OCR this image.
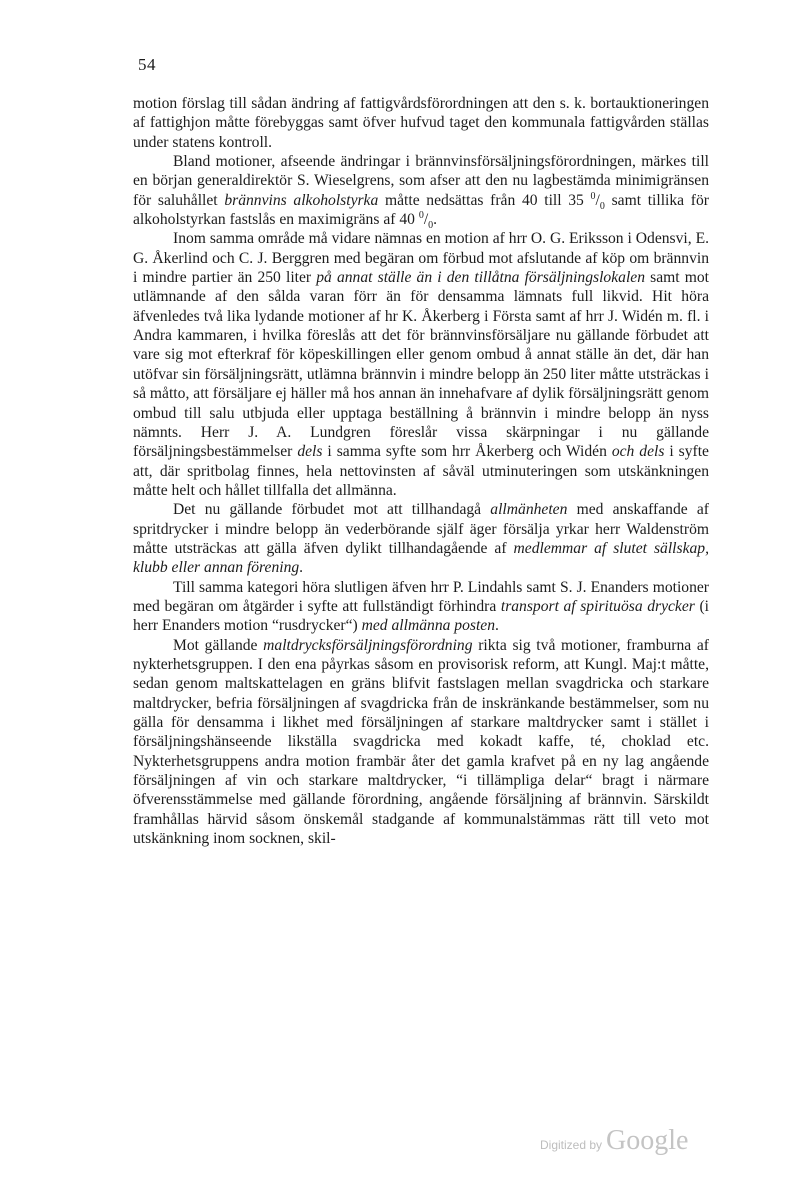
54

motion förslag till sådan ändring af fattigvårdsförordningen att den s. k. bortauktioneringen af fattighjon måtte förebyggas samt öfver hufvud taget den kommunala fattigvården ställas under statens kontroll.

Bland motioner, afseende ändringar i brännvinsförsäljningsförordningen, märkes till en början generaldirektör S. Wieselgrens, som afser att den nu lagbestämda minimigränsen för saluhållet brännvins alkoholstyrka måtte nedsättas från 40 till 35 $^0/_0$ samt tillika för alkoholstyrkan fastslås en maximigräns af 40 $^0/_0$.

Inom samma område må vidare nämnas en motion af hrr O. G. Eriksson i Odensvi, E. G. Åkerlind och C. J. Berggren med begäran om förbud mot afslutande af köp om brännvin i mindre partier än 250 liter på annat ställe än i den tillåtna försäljningslokalen samt mot utlämnande af den sålda varan förr än för densamma lämnats full likvid. Hit höra äfvenledes två lika lydande motioner af hr K. Åkerberg i Första samt af hrr J. Widén m. fl. i Andra kammaren, i hvilka föreslås att det för brännvinsförsäljare nu gällande förbudet att vare sig mot efterkraf för köpeskillingen eller genom ombud å annat ställe än det, där han utöfvar sin försäljningsrätt, utlämna brännvin i mindre belopp än 250 liter måtte utsträckas i så måtto, att försäljare ej häller må hos annan än innehafvare af dylik försäljningsrätt genom ombud till salu utbjuda eller upptaga beställning å brännvin i mindre belopp än nyss nämnts. Herr J. A. Lundgren föreslår vissa skärpningar i nu gällande försäljningsbestämmelser dels i samma syfte som hrr Åkerberg och Widén och dels i syfte att, där spritbolag finnes, hela nettovinsten af såväl utminuteringen som utskänkningen måtte helt och hållet tillfalla det allmänna.

Det nu gällande förbudet mot att tillhandagå allmänheten med anskaffande af spritdrycker i mindre belopp än vederbörande själf äger försälja yrkar herr Waldenström måtte utsträckas att gälla äfven dylikt tillhandagående af medlemmar af slutet sällskap, klubb eller annan förening.

Till samma kategori höra slutligen äfven hrr P. Lindahls samt S. J. Enanders motioner med begäran om åtgärder i syfte att fullständigt förhindra transport af spirituösa drycker (i herr Enanders motion “rusdrycker“) med allmänna posten.

Mot gällande maltdrycksförsäljningsförordning rikta sig två motioner, framburna af nykterhetsgruppen. I den ena påyrkas såsom en provisorisk reform, att Kungl. Maj:t måtte, sedan genom maltskattelagen en gräns blifvit fastslagen mellan svagdricka och starkare maltdrycker, befria försäljningen af svagdricka från de inskränkande bestämmelser, som nu gälla för densamma i likhet med försäljningen af starkare maltdrycker samt i stället i försäljningshänseende likställa svagdricka med kokadt kaffe, té, choklad etc. Nykterhetsgruppens andra motion frambär åter det gamla krafvet på en ny lag angående försäljningen af vin och starkare maltdrycker, “i tillämpliga delar“ bragt i närmare öfverensstämmelse med gällande förordning, angående försäljning af brännvin. Särskildt framhållas härvid såsom önskemål stadgande af kommunalstämmas rätt till veto mot utskänkning inom socknen, skil-

Digitized by Google
